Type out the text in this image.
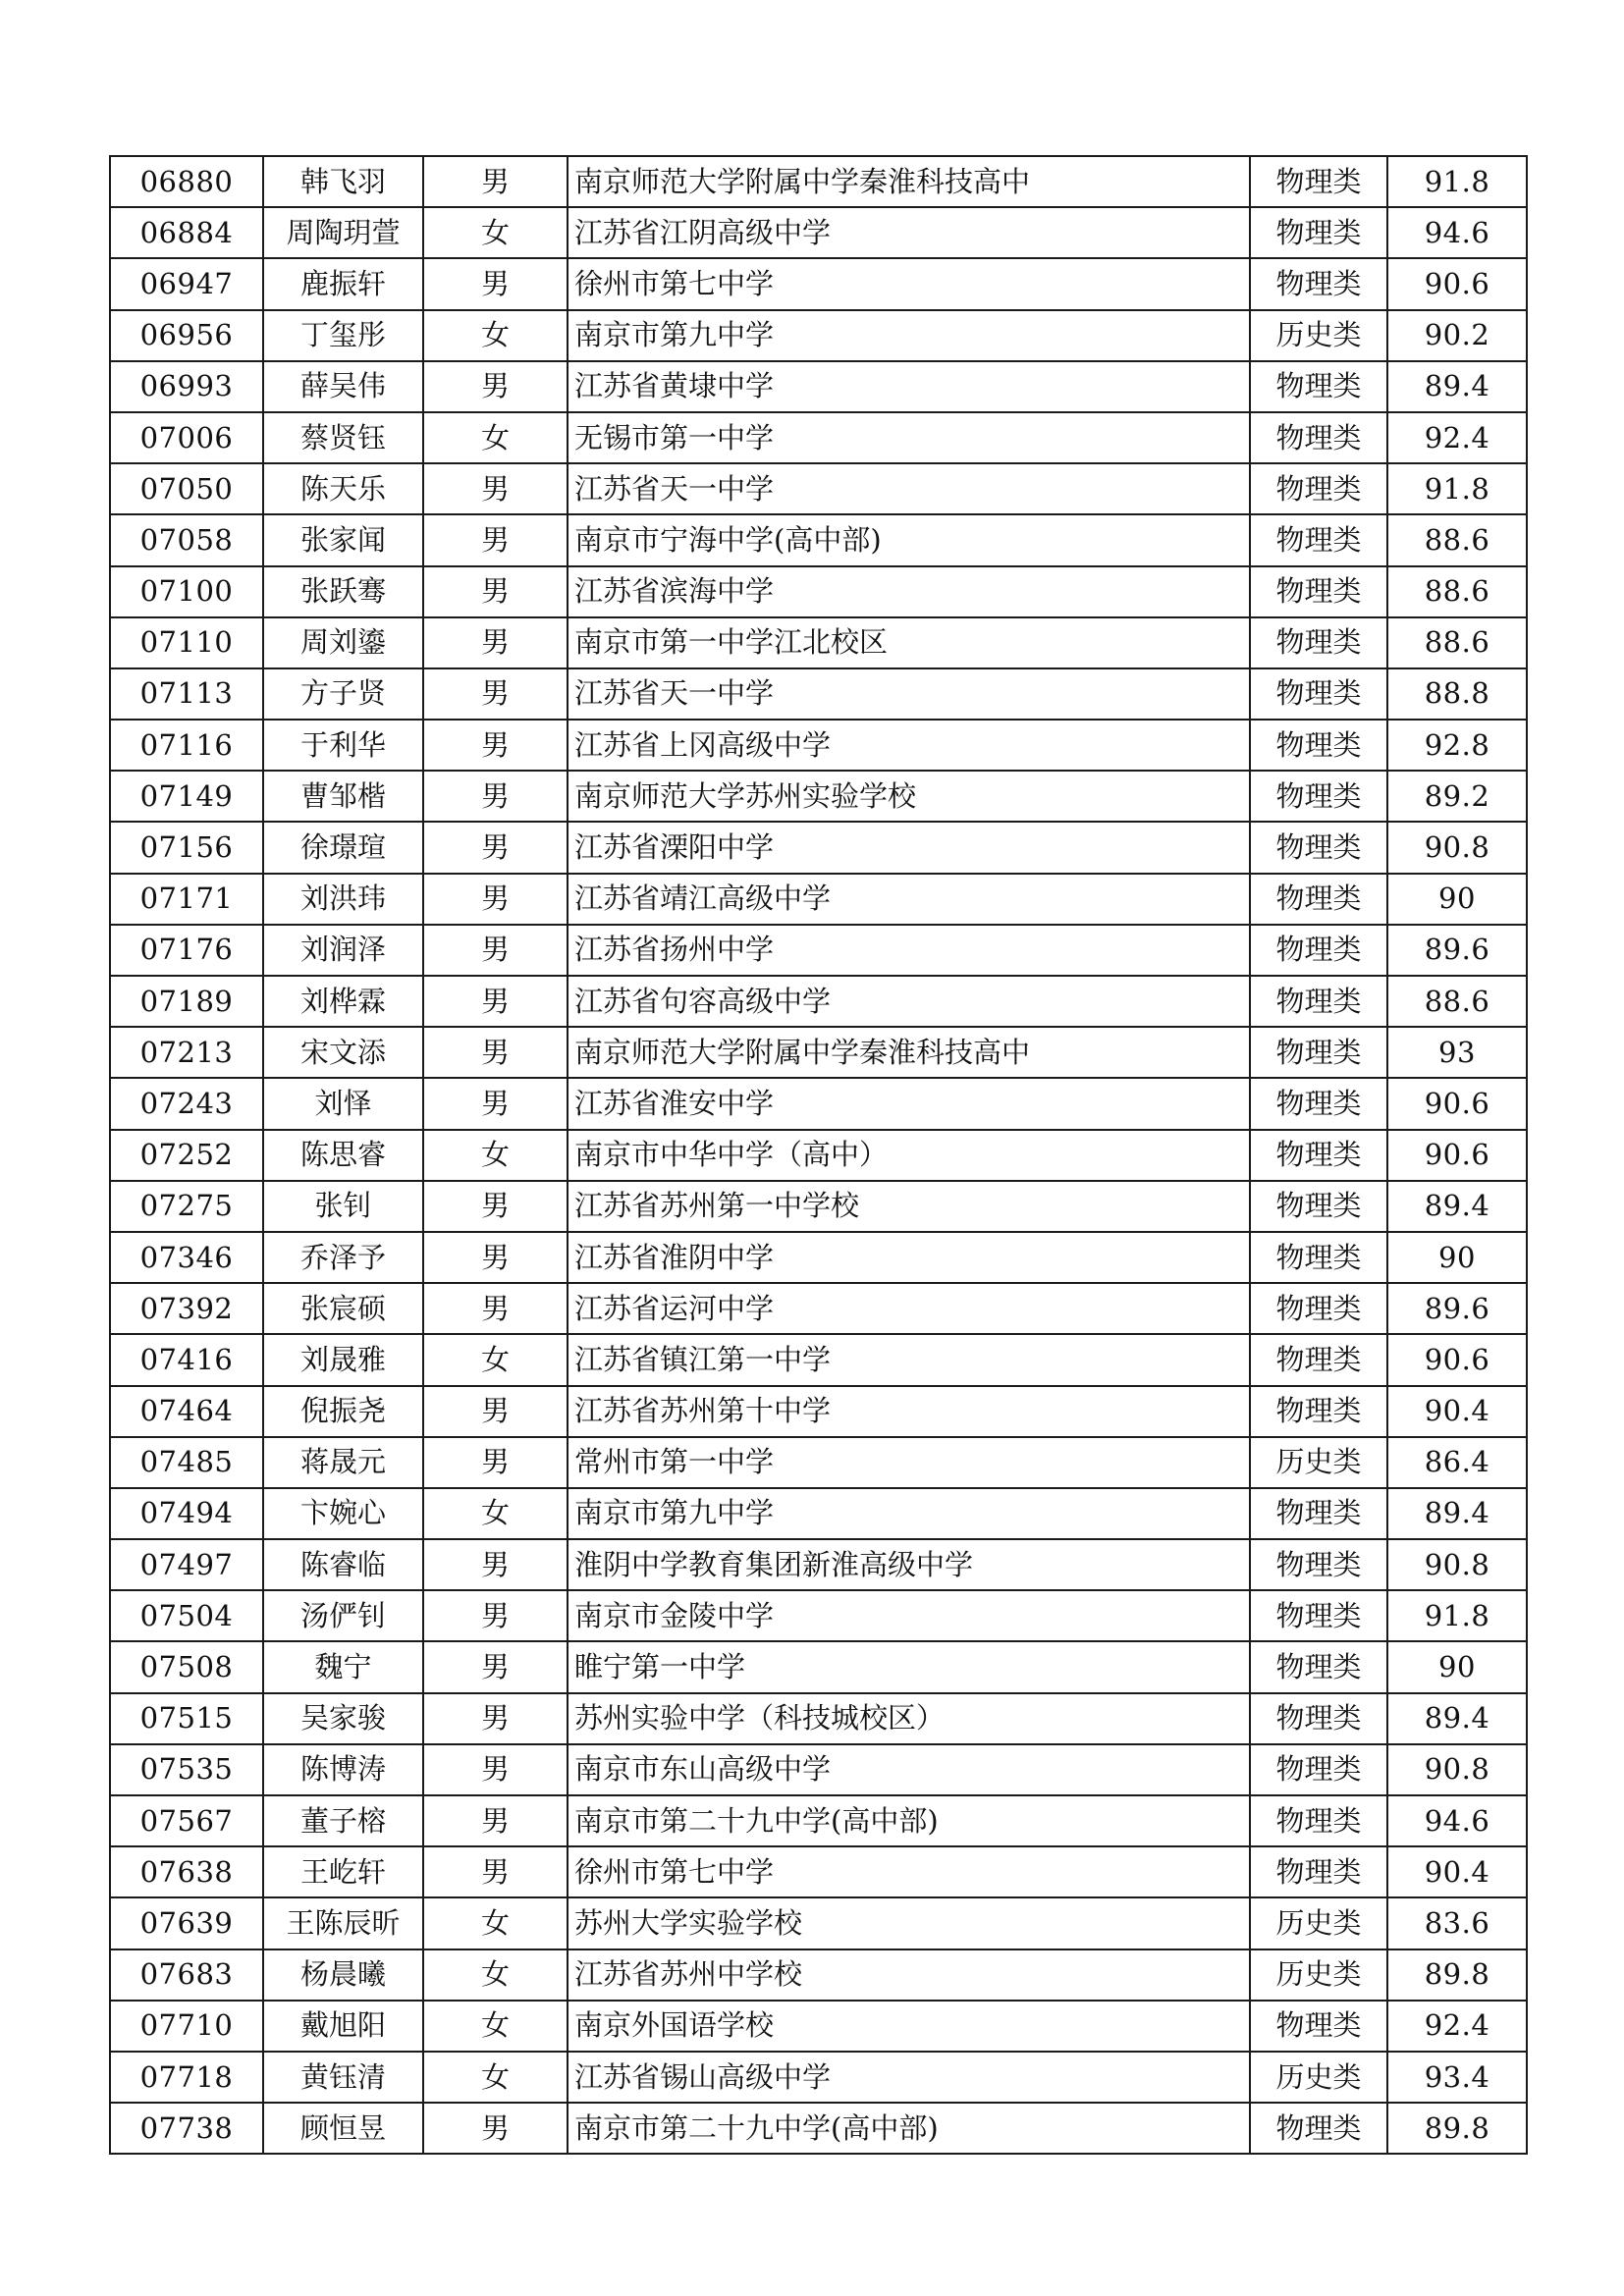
06880	韩飞羽	男	南京师范大学附属中学秦淮科技高中	物理类	91.8
06884	周陶玥萱	女	江苏省江阴高级中学	物理类	94.6
06947	鹿振轩	男	徐州市第七中学	物理类	90.6
06956	丁玺彤	女	南京市第九中学	历史类	90.2
06993	薛吴伟	男	江苏省黄埭中学	物理类	89.4
07006	蔡贤钰	女	无锡市第一中学	物理类	92.4
07050	陈天乐	男	江苏省天一中学	物理类	91.8
07058	张家闻	男	南京市宁海中学(高中部)	物理类	88.6
07100	张跃骞	男	江苏省滨海中学	物理类	88.6
07110	周刘鎏	男	南京市第一中学江北校区	物理类	88.6
07113	方子贤	男	江苏省天一中学	物理类	88.8
07116	于利华	男	江苏省上冈高级中学	物理类	92.8
07149	曹邹楷	男	南京师范大学苏州实验学校	物理类	89.2
07156	徐璟瑄	男	江苏省溧阳中学	物理类	90.8
07171	刘洪玮	男	江苏省靖江高级中学	物理类	90
07176	刘润泽	男	江苏省扬州中学	物理类	89.6
07189	刘桦霖	男	江苏省句容高级中学	物理类	88.6
07213	宋文添	男	南京师范大学附属中学秦淮科技高中	物理类	93
07243	刘怿	男	江苏省淮安中学	物理类	90.6
07252	陈思睿	女	南京市中华中学（高中）	物理类	90.6
07275	张钊	男	江苏省苏州第一中学校	物理类	89.4
07346	乔泽予	男	江苏省淮阴中学	物理类	90
07392	张宸硕	男	江苏省运河中学	物理类	89.6
07416	刘晟雅	女	江苏省镇江第一中学	物理类	90.6
07464	倪振尧	男	江苏省苏州第十中学	物理类	90.4
07485	蒋晟元	男	常州市第一中学	历史类	86.4
07494	卞婉心	女	南京市第九中学	物理类	89.4
07497	陈睿临	男	淮阴中学教育集团新淮高级中学	物理类	90.8
07504	汤俨钊	男	南京市金陵中学	物理类	91.8
07508	魏宁	男	睢宁第一中学	物理类	90
07515	吴家骏	男	苏州实验中学（科技城校区）	物理类	89.4
07535	陈博涛	男	南京市东山高级中学	物理类	90.8
07567	董子榕	男	南京市第二十九中学(高中部)	物理类	94.6
07638	王屹轩	男	徐州市第七中学	物理类	90.4
07639	王陈辰昕	女	苏州大学实验学校	历史类	83.6
07683	杨晨曦	女	江苏省苏州中学校	历史类	89.8
07710	戴旭阳	女	南京外国语学校	物理类	92.4
07718	黄钰清	女	江苏省锡山高级中学	历史类	93.4
07738	顾恒昱	男	南京市第二十九中学(高中部)	物理类	89.8
